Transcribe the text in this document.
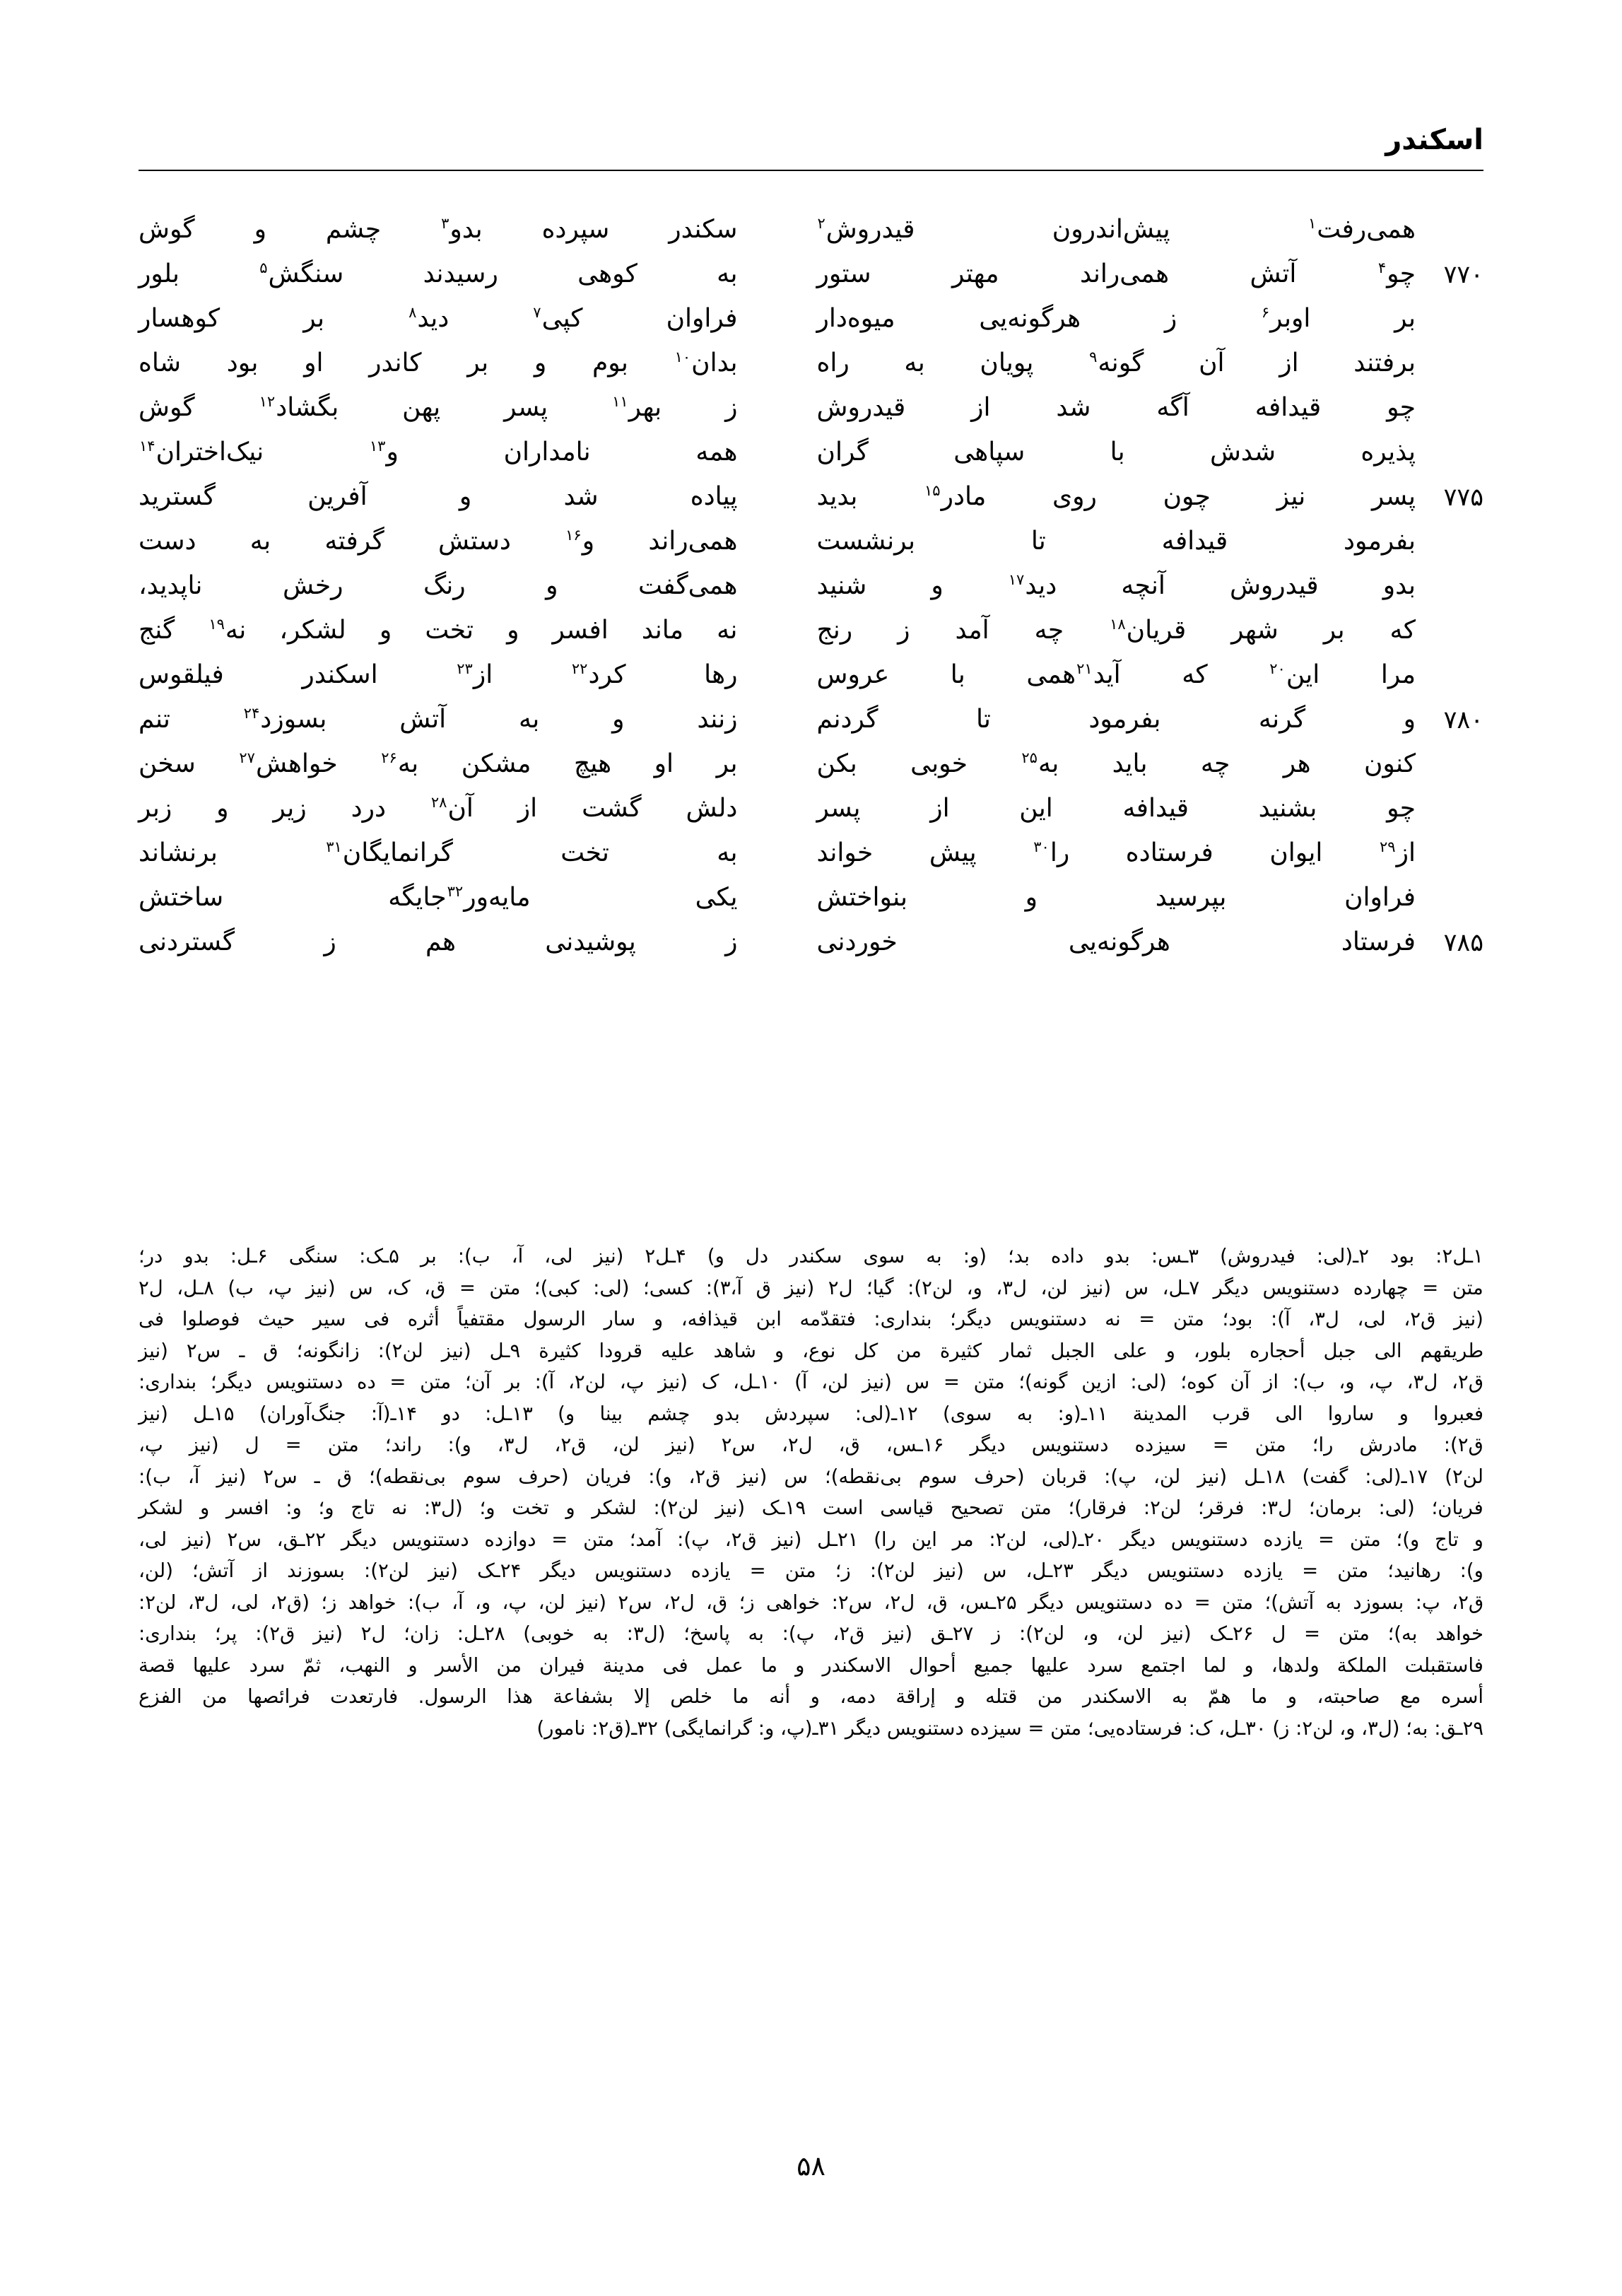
اسکندر
همی‌رفت$^۱$ پیش‌اندرون قیدروش$^۲$
سکندر سپرده بدو$^۳$ چشم و گوش
۷۷۰
چو$^۴$ آتش همی‌راند مهتر ستور
به کوهی رسیدند سنگش$^۵$ بلور
بر اوبر$^۶$ ز هرگونه‌یی میوه‌دار
فراوان کپی$^۷$ دید$^۸$ بر کوهسار
برفتند از آن گونه$^۹$ پویان به راه
بدان$^{۱۰}$ بوم و بر کاندر او بود شاه
چو قیدافه آگه شد از قیدروش
ز بهر$^{۱۱}$ پسر پهن بگشاد$^{۱۲}$ گوش
پذیره شدش با سپاهی گران
همه نامداران و$^{۱۳}$ نیک‌اختران$^{۱۴}$
۷۷۵
پسر نیز چون روی مادر$^{۱۵}$ بدید
پیاده شد و آفرین گسترید
بفرمود قیدافه تا برنشست
همی‌راند و$^{۱۶}$ دستش گرفته به دست
بدو قیدروش آنچه دید$^{۱۷}$ و شنید
همی‌گفت و رنگ رخش ناپدید،
که بر شهر قریان$^{۱۸}$ چه آمد ز رنج
نه ماند افسر و تخت و لشکر، نه$^{۱۹}$ گنج
مرا این$^{۲۰}$ که آید$^{۲۱}$همی با عروس
رها کرد$^{۲۲}$ از$^{۲۳}$ اسکندر فیلقوس
۷۸۰
و گرنه بفرمود تا گردنم
زنند و به آتش بسوزد$^{۲۴}$ تنم
کنون هر چه باید به$^{۲۵}$ خوبی بکن
بر او هیچ مشکن به$^{۲۶}$ خواهش$^{۲۷}$ سخن
چو بشنید قیدافه این از پسر
دلش گشت از آن$^{۲۸}$ درد زیر و زبر
از$^{۲۹}$ ایوان فرستاده را$^{۳۰}$ پیش خواند
به تخت گرانمایگان$^{۳۱}$ برنشاند
فراوان بپرسید و بنواختش
یکی مایه‌ور$^{۳۲}$جایگه ساختش
۷۸۵
فرستاد هرگونه‌یی خوردنی
ز پوشیدنی هم ز گستردنی
۱ـل۲: بود ۲ـ(لی: فیدروش) ۳ـس: بدو داده بد؛ (و: به سوی سکندر دل و) ۴ـل۲ (نیز لی، آ، ب): بر ۵ـک: سنگی ۶ـل: بدو در؛
متن = چهارده دستنویس دیگر ۷ـل، س (نیز لن، ل۳، و، لن۲): گیا؛ ل۲ (نیز ق آ،۳): کسی؛ (لی: کبی)؛ متن = ق، ک، س (نیز پ، ب) ۸ـل، ل۲
(نیز ق۲، لی، ل۳، آ): بود؛ متن = نه دستنویس دیگر؛ بنداری: فتقدّمه ابن قیذافه، و سار الرسول مقتفیاً أثره فی سیر حیث فوصلوا فی
طریقهم الی جبل أحجاره بلور، و علی الجبل ثمار کثیرة من کل نوع، و شاهد علیه قرودا کثیرة ۹ـل (نیز لن۲): زانگونه؛ ق ـ س۲ (نیز
ق۲، ل۳، پ، و، ب): از آن کوه؛ (لی: ازین گونه)؛ متن = س (نیز لن، آ) ۱۰ـل، ک (نیز پ، لن۲، آ): بر آن؛ متن = ده دستنویس دیگر؛ بنداری:
فعبروا و ساروا الی قرب المدینة ۱۱ـ(و: به سوی) ۱۲ـ(لی: سپردش بدو چشم بینا و) ۱۳ـل: دو ۱۴ـ(آ: جنگ‌آوران) ۱۵ـل (نیز
ق۲): مادرش را؛ متن = سیزده دستنویس دیگر ۱۶ـس، ق، ل۲، س۲ (نیز لن، ق۲، ل۳، و): راند؛ متن = ل (نیز پ،
لن۲) ۱۷ـ(لی: گفت) ۱۸ـل (نیز لن، پ): قربان (حرف سوم بی‌نقطه)؛ س (نیز ق۲، و): فریان (حرف سوم بی‌نقطه)؛ ق ـ س۲ (نیز آ، ب):
فریان؛ (لی: برمان؛ ل۳: فرقر؛ لن۲: فرقار)؛ متن تصحیح قیاسی است ۱۹ـک (نیز لن۲): لشکر و تخت و؛ (ل۳: نه تاج و؛ و: افسر و لشکر
و تاج و)؛ متن = یازده دستنویس دیگر ۲۰ـ(لی، لن۲: مر این را) ۲۱ـل (نیز ق۲، پ): آمد؛ متن = دوازده دستنویس دیگر ۲۲ـق، س۲ (نیز لی،
و): رهانید؛ متن = یازده دستنویس دیگر ۲۳ـل، س (نیز لن۲): ز؛ متن = یازده دستنویس دیگر ۲۴ـک (نیز لن۲): بسوزند از آتش؛ (لن،
ق۲، پ: بسوزد به آتش)؛ متن = ده دستنویس دیگر ۲۵ـس، ق، ل۲، س۲: خواهی ز؛ ق، ل۲، س۲ (نیز لن، پ، و، آ، ب): خواهد ز؛ (ق۲، لی، ل۳، لن۲:
خواهد به)؛ متن = ل ۲۶ـک (نیز لن، و، لن۲): ز ۲۷ـق (نیز ق۲، پ): به پاسخ؛ (ل۳: به خوبی) ۲۸ـل: زان؛ ل۲ (نیز ق۲): پر؛ بنداری:
فاستقبلت الملکة ولدها، و لما اجتمع سرد علیها جمیع أحوال الاسکندر و ما عمل فی مدینة فیران من الأسر و النهب، ثمّ سرد علیها قصة
أسره مع صاحبته، و ما همّ به الاسکندر من قتله و إراقة دمه، و أنه ما خلص إلا بشفاعة هذا الرسول. فارتعدت فرائصها من الفزع
۲۹ـق: به؛ (ل۳، و، لن۲: ز) ۳۰ـل، ک: فرستاده‌یی؛ متن = سیزده دستنویس دیگر ۳۱ـ(پ، و: گرانمایگی) ۳۲ـ(ق۲: نامور)
۵۸
